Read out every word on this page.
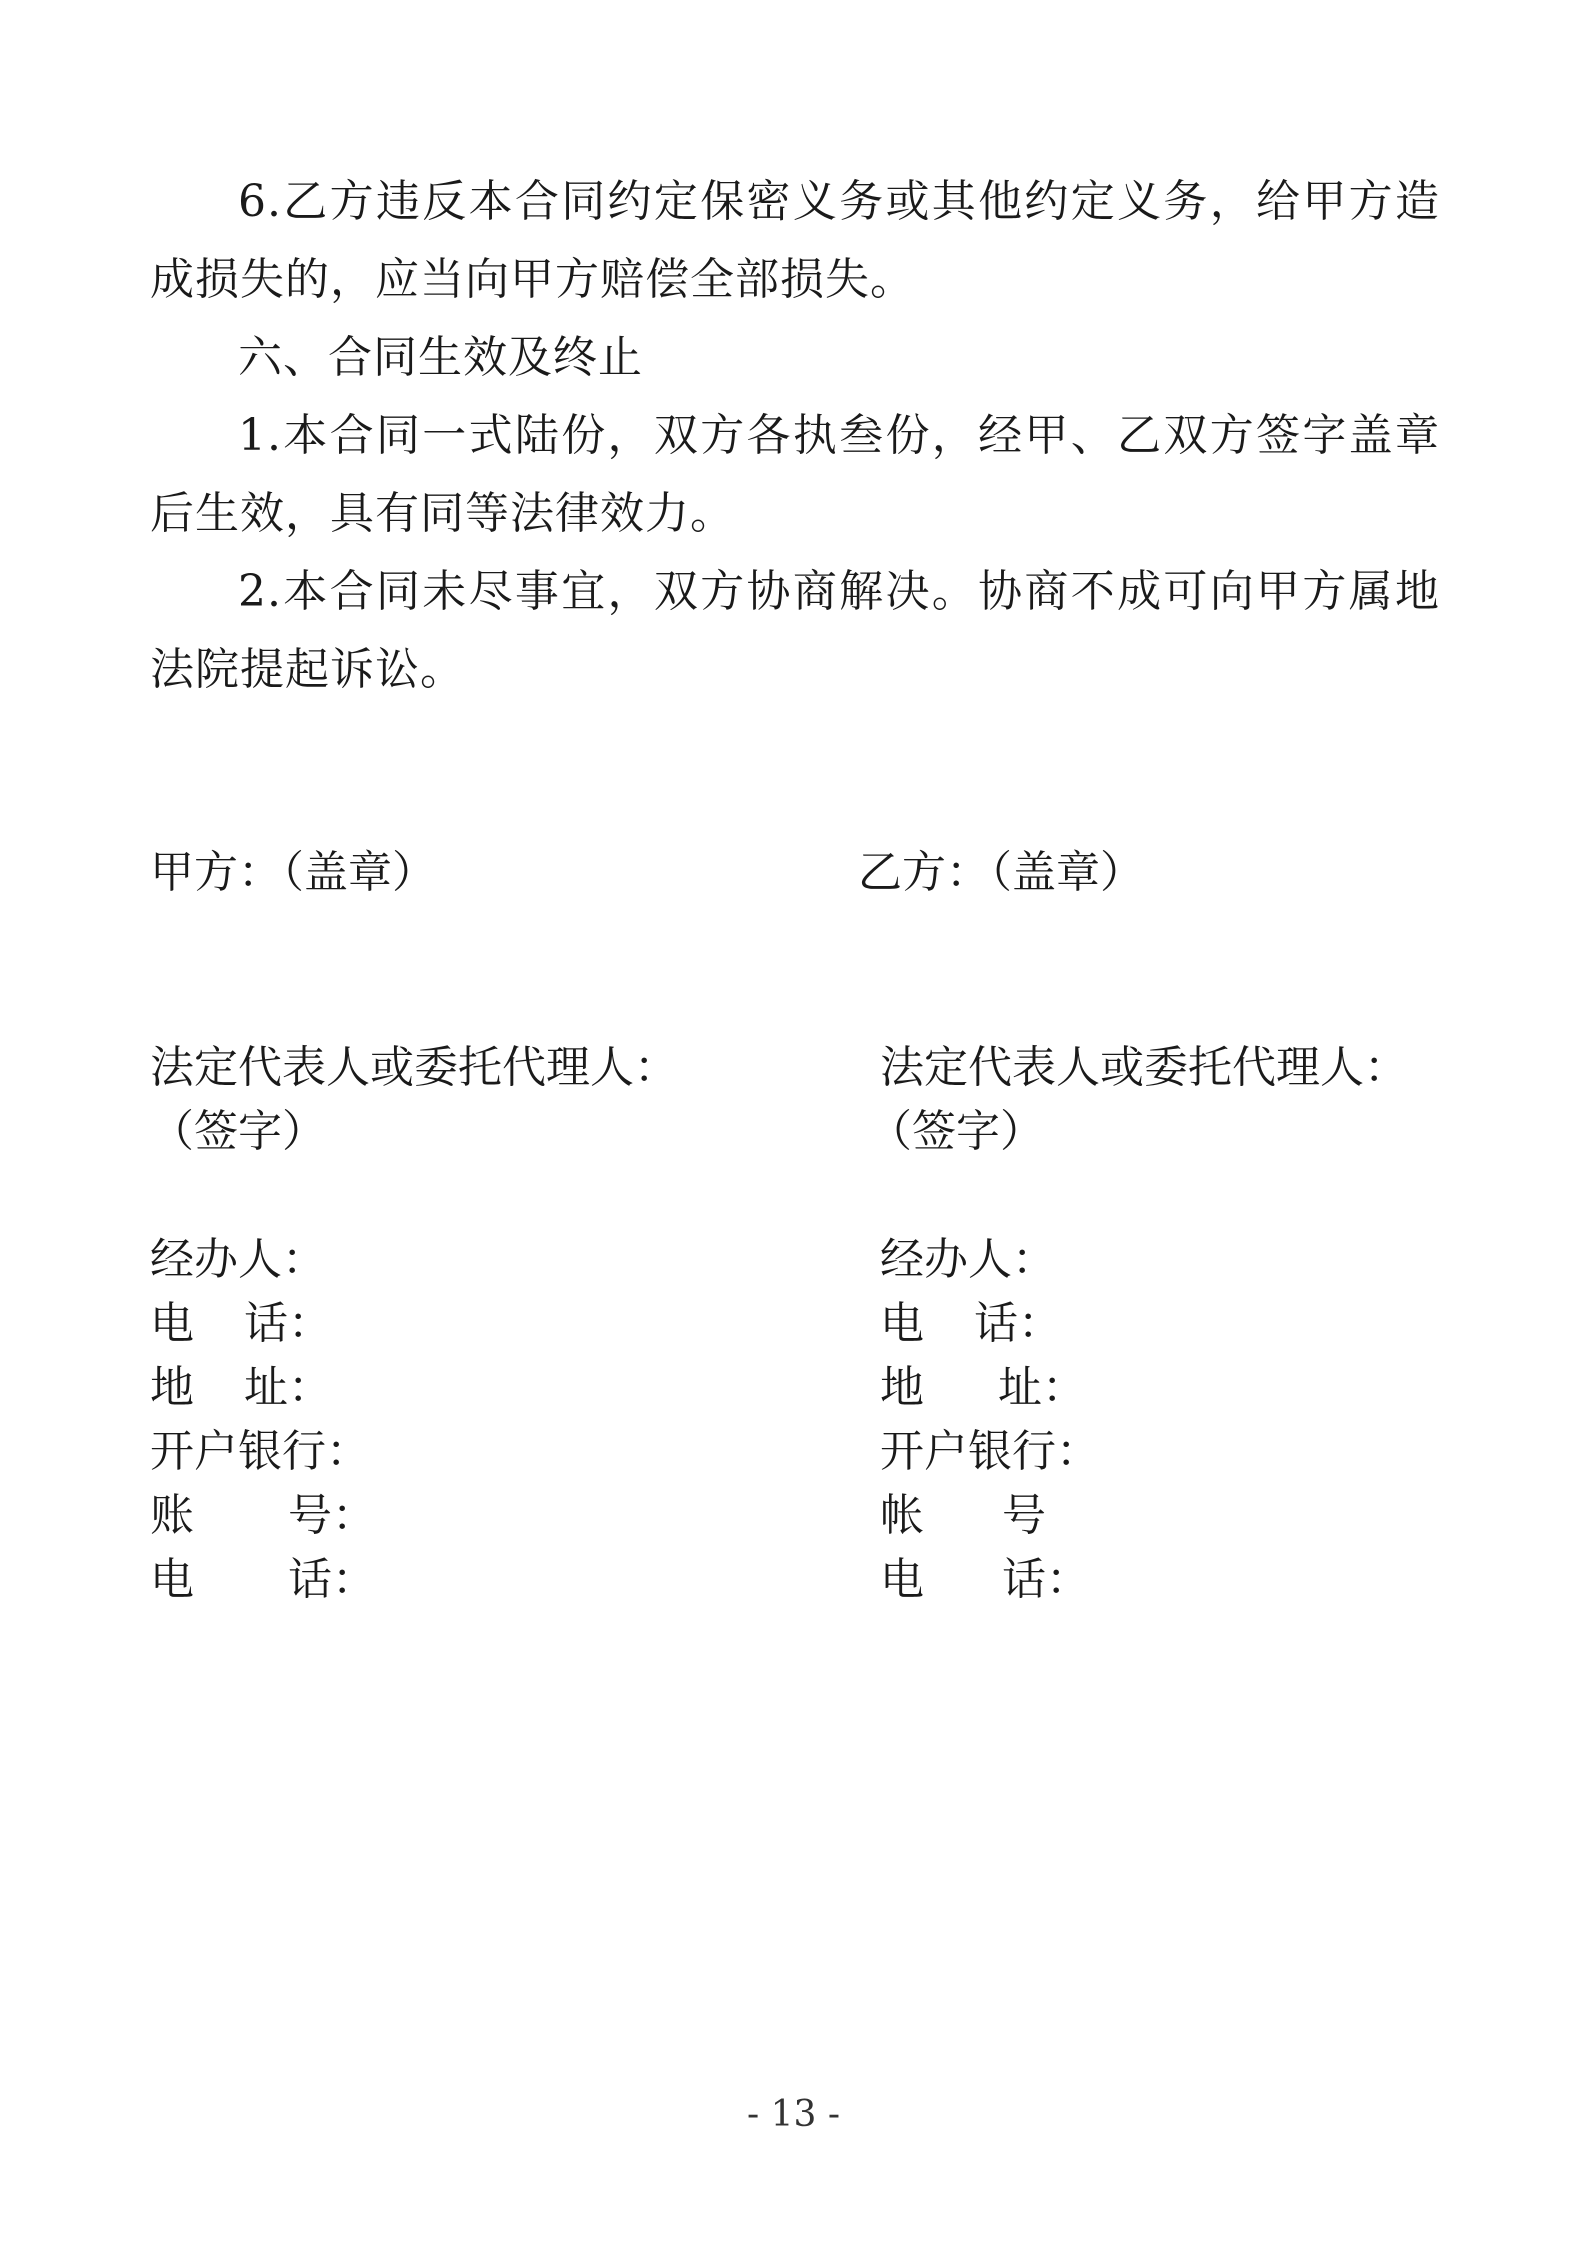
6.乙方违反本合同约定保密义务或其他约定义务，给甲方造成损失的，应当向甲方赔偿全部损失。

六、合同生效及终止

1.本合同一式陆份，双方各执叁份，经甲、乙双方签字盖章后生效，具有同等法律效力。

2.本合同未尽事宜，双方协商解决。协商不成可向甲方属地法院提起诉讼。

甲方：（盖章）

法定代表人或委托代理人：

（签字）

经办人：

电 话：

地 址：

开户银行：

账 号：

电 话：

乙方：（盖章）

法定代表人或委托代理人：

（签字）

经办人：

电 话：

地 址：

开户银行：

帐 号

电 话：

- 13 -
